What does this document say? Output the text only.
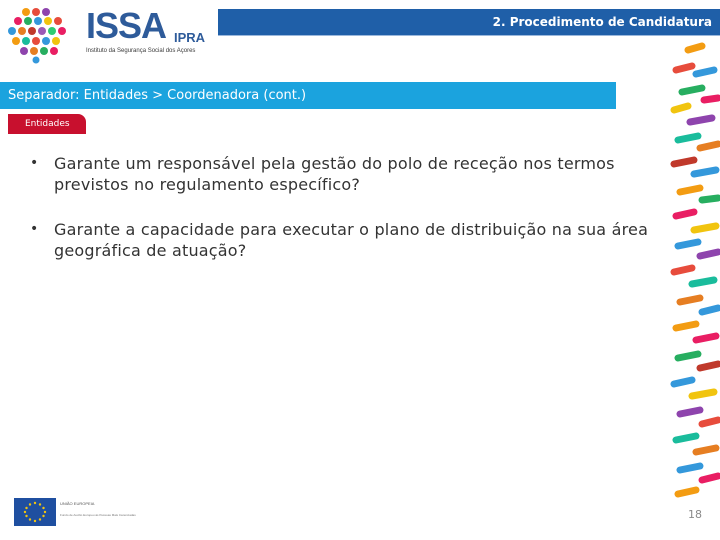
ISSA IPRA
Instituto da Segurança Social dos Açores
2. Procedimento de Candidatura
Separador: Entidades > Coordenadora (cont.)
Entidades
• Garante um responsável pela gestão do polo de receção nos termos previstos no regulamento específico?
• Garante a capacidade para executar o plano de distribuição na sua área geográfica de atuação?
UNIÃO EUROPEIA
Fundo de Auxílio Europeu às Pessoas Mais Carenciadas	18
